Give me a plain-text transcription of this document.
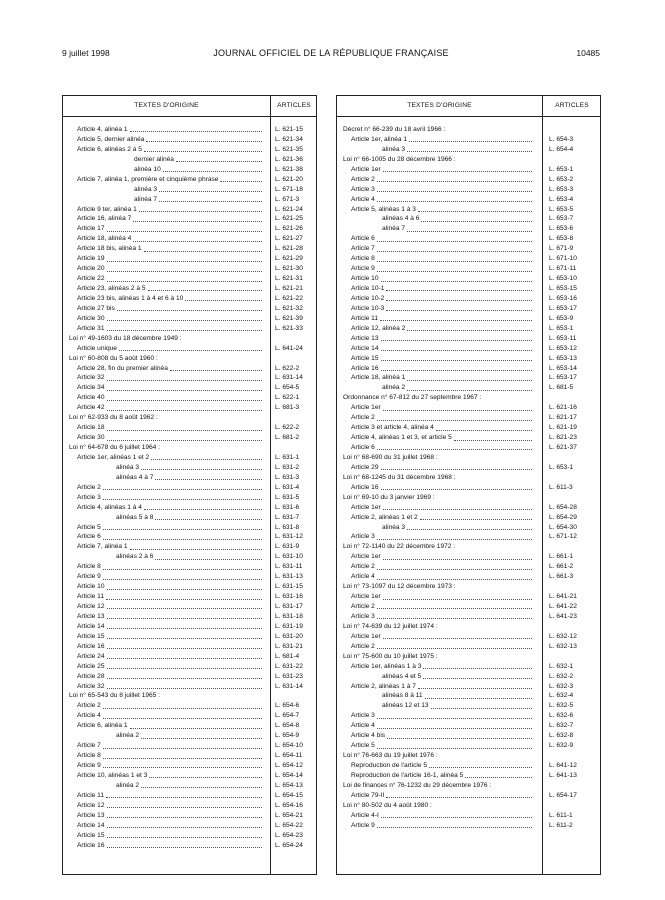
9 juillet 1998	JOURNAL OFFICIEL DE LA RÉPUBLIQUE FRANÇAISE	10485
TEXTES D'ORIGINE	ARTICLES
Article 4, alinéa 1	L. 621-15
Article 5, dernier alinéa	L. 621-34
Article 6, alinéas 2 à 5	L. 621-35
dernier alinéa	L. 621-36
alinéa 10	L. 621-38
Article 7, alinéa 1, première et cinquième phrase	L. 621-20
alinéa 3	L. 671-18
alinéa 7	L. 671-3
Article 9 ter, alinéa 1	L. 621-24
Article 16, alinéa 7	L. 621-25
Article 17	L. 621-26
Article 18, alinéa 4	L. 621-27
Article 18 bis, alinéa 1	L. 621-28
Article 19	L. 621-29
Article 20	L. 621-30
Article 22	L. 621-31
Article 23, alinéas 2 à 5	L. 621-21
Article 23 bis, alinéas 1 à 4 et 6 à 10	L. 621-22
Article 27 bis	L. 621-32
Article 30	L. 621-39
Article 31	L. 621-33
Loi n° 49-1603 du 18 décembre 1949 :
Article unique	L. 641-24
Loi n° 60-808 du 5 août 1960 :
Article 28, fin du premier alinéa	L. 622-2
Article 32	L. 631-14
Article 34	L. 654-5
Article 40	L. 622-1
Article 42	L. 681-3
Loi n° 62-933 du 8 août 1962 :
Article 18	L. 622-2
Article 30	L. 681-2
Loi n° 64-678 du 6 juillet 1964 :
Article 1er, alinéas 1 et 2	L. 631-1
alinéa 3	L. 631-2
alinéas 4 à 7	L. 631-3
Article 2	L. 631-4
Article 3	L. 631-5
Article 4, alinéas 1 à 4	L. 631-6
alinéas 5 à 8	L. 631-7
Article 5	L. 631-8
Article 6	L. 631-12
Article 7, alinéa 1	L. 631-9
alinéas 2 à 6	L. 631-10
Article 8	L. 631-11
Article 9	L. 631-13
Article 10	L. 631-15
Article 11	L. 631-16
Article 12	L. 631-17
Article 13	L. 631-18
Article 14	L. 631-19
Article 15	L. 631-20
Article 16	L. 631-21
Article 24	L. 681-4
Article 25	L. 631-22
Article 28	L. 631-23
Article 32	L. 631-14
Loi n° 65-543 du 8 juillet 1965 :
Article 2	L. 654-6
Article 4	L. 654-7
Article 6, alinéa 1	L. 654-8
alinéa 2	L. 654-9
Article 7	L. 654-10
Article 8	L. 654-11
Article 9	L. 654-12
Article 10, alinéas 1 et 3	L. 654-14
alinéa 2	L. 654-13
Article 11	L. 654-15
Article 12	L. 654-16
Article 13	L. 654-21
Article 14	L. 654-22
Article 15	L. 654-23
Article 16	L. 654-24
TEXTES D'ORIGINE	ARTICLES
Décret n° 66-239 du 18 avril 1966 :
Article 1er, alinéa 1	L. 654-3
alinéa 3	L. 654-4
Loi n° 66-1005 du 28 décembre 1966 :
Article 1er	L. 653-1
Article 2	L. 653-2
Article 3	L. 653-3
Article 4	L. 653-4
Article 5, alinéas 1 à 3	L. 653-5
alinéas 4 à 6	L. 653-7
alinéa 7	L. 653-6
Article 6	L. 653-8
Article 7	L. 671-9
Article 8	L. 671-10
Article 9	L. 671-11
Article 10	L. 653-10
Article 10-1	L. 653-15
Article 10-2	L. 653-16
Article 10-3	L. 653-17
Article 11	L. 653-9
Article 12, alinéa 2	L. 653-1
Article 13	L. 653-11
Article 14	L. 653-12
Article 15	L. 653-13
Article 16	L. 653-14
Article 18, alinéa 1	L. 653-17
alinéa 2	L. 681-5
Ordonnance n° 67-812 du 27 septembre 1967 :
Article 1er	L. 621-16
Article 2	L. 621-17
Article 3 et article 4, alinéa 4	L. 621-19
Article 4, alinéas 1 et 3, et article 5	L. 621-23
Article 6	L. 621-37
Loi n° 68-690 du 31 juillet 1968 :
Article 29	L. 653-1
Loi n° 68-1245 du 31 décembre 1968 :
Article 16	L. 611-3
Loi n° 69-10 du 3 janvier 1969 :
Article 1er	L. 654-28
Article 2, alinéas 1 et 2	L. 654-29
alinéa 3	L. 654-30
Article 3	L. 671-12
Loi n° 72-1140 du 22 décembre 1972 :
Article 1er	L. 661-1
Article 2	L. 661-2
Article 4	L. 661-3
Loi n° 73-1097 du 12 décembre 1973 :
Article 1er	L. 641-21
Article 2	L. 641-22
Article 3	L. 641-23
Loi n° 74-639 du 12 juillet 1974 :
Article 1er	L. 632-12
Article 2	L. 632-13
Loi n° 75-600 du 10 juillet 1975 :
Article 1er, alinéas 1 à 3	L. 632-1
alinéas 4 et 5	L. 632-2
Article 2, alinéas 1 à 7	L. 632-3
alinéas 8 à 11	L. 632-4
alinéas 12 et 13	L. 632-5
Article 3	L. 632-6
Article 4	L. 632-7
Article 4 bis	L. 632-8
Article 5	L. 632-9
Loi n° 76-663 du 19 juillet 1976 :
Reproduction de l'article 5	L. 641-12
Reproduction de l'article 16-1, alinéa 5	L. 641-13
Loi de finances n° 76-1232 du 29 décembre 1976 :
Article 79-II	L. 654-17
Loi n° 80-502 du 4 août 1980 :
Article 4-I	L. 611-1
Article 9	L. 611-2
